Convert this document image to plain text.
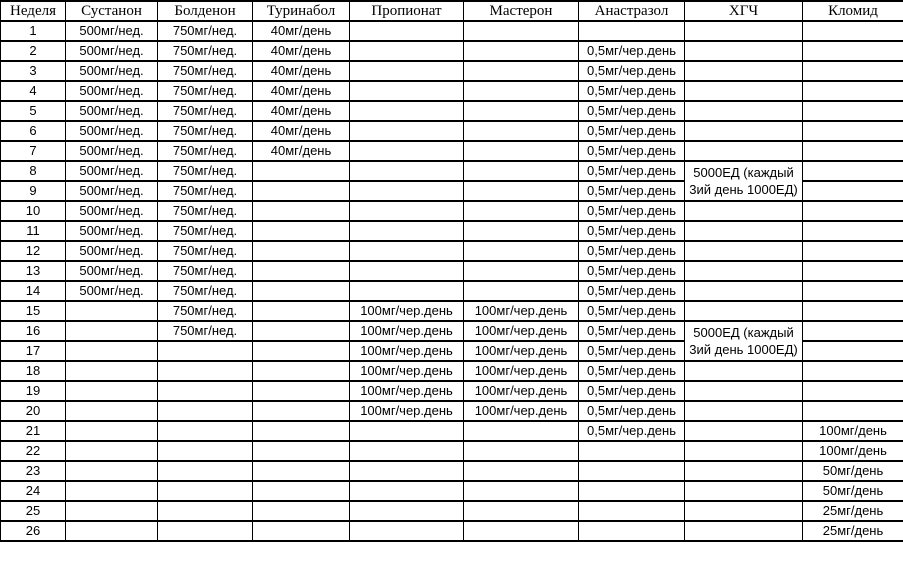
Неделя	Сустанон	Болденон	Туринабол	Пропионат	Мастерон	Анастразол	ХГЧ	Кломид
1	500мг/нед.	750мг/нед.	40мг/день					
2	500мг/нед.	750мг/нед.	40мг/день			0,5мг/чер.день		
3	500мг/нед.	750мг/нед.	40мг/день			0,5мг/чер.день		
4	500мг/нед.	750мг/нед.	40мг/день			0,5мг/чер.день		
5	500мг/нед.	750мг/нед.	40мг/день			0,5мг/чер.день		
6	500мг/нед.	750мг/нед.	40мг/день			0,5мг/чер.день		
7	500мг/нед.	750мг/нед.	40мг/день			0,5мг/чер.день		
8	500мг/нед.	750мг/нед.				0,5мг/чер.день	5000ЕД (каждый
3ий день 1000ЕД)	
9	500мг/нед.	750мг/нед.				0,5мг/чер.день		
10	500мг/нед.	750мг/нед.				0,5мг/чер.день		
11	500мг/нед.	750мг/нед.				0,5мг/чер.день		
12	500мг/нед.	750мг/нед.				0,5мг/чер.день		
13	500мг/нед.	750мг/нед.				0,5мг/чер.день		
14	500мг/нед.	750мг/нед.				0,5мг/чер.день		
15		750мг/нед.		100мг/чер.день	100мг/чер.день	0,5мг/чер.день		
16		750мг/нед.		100мг/чер.день	100мг/чер.день	0,5мг/чер.день	5000ЕД (каждый
3ий день 1000ЕД)	
17				100мг/чер.день	100мг/чер.день	0,5мг/чер.день		
18				100мг/чер.день	100мг/чер.день	0,5мг/чер.день		
19				100мг/чер.день	100мг/чер.день	0,5мг/чер.день		
20				100мг/чер.день	100мг/чер.день	0,5мг/чер.день		
21						0,5мг/чер.день		100мг/день
22								100мг/день
23								50мг/день
24								50мг/день
25								25мг/день
26								25мг/день
